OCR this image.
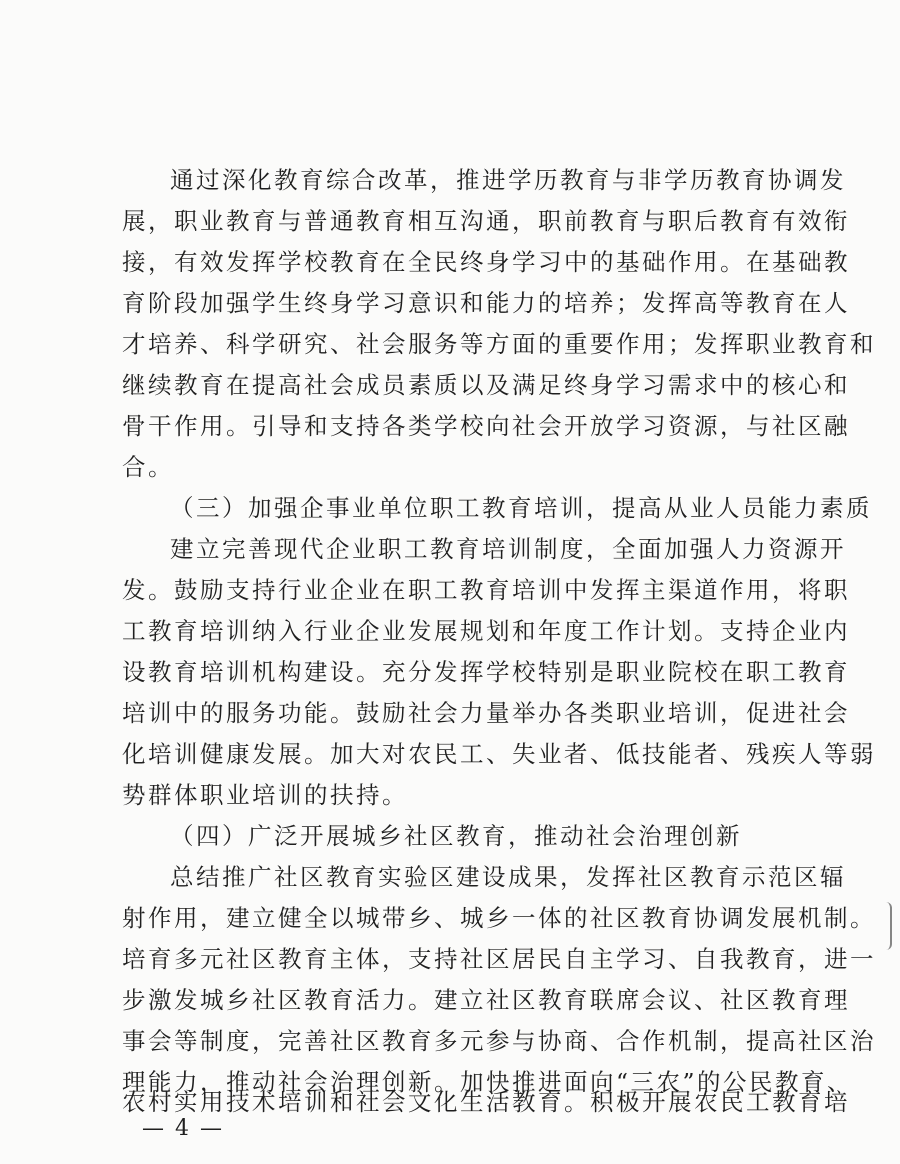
通过深化教育综合改革，推进学历教育与非学历教育协调发
展，职业教育与普通教育相互沟通，职前教育与职后教育有效衔
接，有效发挥学校教育在全民终身学习中的基础作用。在基础教
育阶段加强学生终身学习意识和能力的培养；发挥高等教育在人
才培养、科学研究、社会服务等方面的重要作用；发挥职业教育和
继续教育在提高社会成员素质以及满足终身学习需求中的核心和
骨干作用。引导和支持各类学校向社会开放学习资源，与社区融
合。
（三）加强企事业单位职工教育培训，提高从业人员能力素质
建立完善现代企业职工教育培训制度，全面加强人力资源开
发。鼓励支持行业企业在职工教育培训中发挥主渠道作用，将职
工教育培训纳入行业企业发展规划和年度工作计划。支持企业内
设教育培训机构建设。充分发挥学校特别是职业院校在职工教育
培训中的服务功能。鼓励社会力量举办各类职业培训，促进社会
化培训健康发展。加大对农民工、失业者、低技能者、残疾人等弱
势群体职业培训的扶持。
（四）广泛开展城乡社区教育，推动社会治理创新
总结推广社区教育实验区建设成果，发挥社区教育示范区辐
射作用，建立健全以城带乡、城乡一体的社区教育协调发展机制。
培育多元社区教育主体，支持社区居民自主学习、自我教育，进一
步激发城乡社区教育活力。建立社区教育联席会议、社区教育理
事会等制度，完善社区教育多元参与协商、合作机制，提高社区治
理能力，推动社会治理创新。加快推进面向“三农”的公民教育、
农村实用技术培训和社会文化生活教育。积极开展农民工教育培
— 4 —
